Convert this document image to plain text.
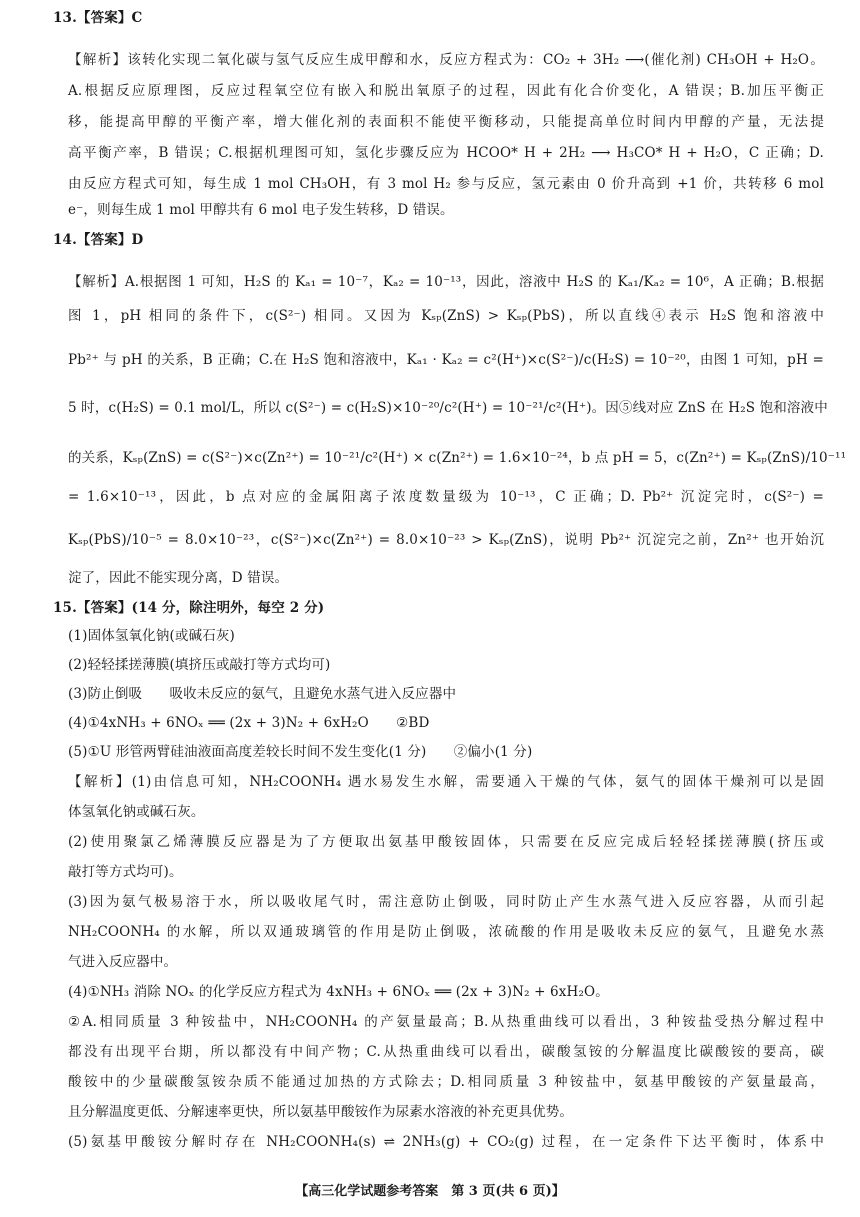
13.【答案】C
【解析】该转化实现二氧化碳与氢气反应生成甲醇和水，反应方程式为：CO₂ + 3H₂ ⟶(催化剂) CH₃OH + H₂O。
A.根据反应原理图，反应过程氧空位有嵌入和脱出氧原子的过程，因此有化合价变化，A 错误；B.加压平衡正
移，能提高甲醇的平衡产率，增大催化剂的表面积不能使平衡移动，只能提高单位时间内甲醇的产量，无法提
高平衡产率，B 错误；C.根据机理图可知，氢化步骤反应为 HCOO* H + 2H₂ ⟶ H₃CO* H + H₂O，C 正确；D.
由反应方程式可知，每生成 1 mol CH₃OH，有 3 mol H₂ 参与反应，氢元素由 0 价升高到 +1 价，共转移 6 mol
e⁻，则每生成 1 mol 甲醇共有 6 mol 电子发生转移，D 错误。
14.【答案】D
【解析】A.根据图 1 可知，H₂S 的 Kₐ₁ = 10⁻⁷，Kₐ₂ = 10⁻¹³，因此，溶液中 H₂S 的 Kₐ₁/Kₐ₂ = 10⁶，A 正确；B.根据
图 1，pH 相同的条件下，c(S²⁻) 相同。又因为 Kₛₚ(ZnS) > Kₛₚ(PbS)，所以直线④表示 H₂S 饱和溶液中
Pb²⁺ 与 pH 的关系，B 正确；C.在 H₂S 饱和溶液中，Kₐ₁ · Kₐ₂ = c²(H⁺)×c(S²⁻)/c(H₂S) = 10⁻²⁰，由图 1 可知，pH =
5 时，c(H₂S) = 0.1 mol/L，所以 c(S²⁻) = c(H₂S)×10⁻²⁰/c²(H⁺) = 10⁻²¹/c²(H⁺)。因⑤线对应 ZnS 在 H₂S 饱和溶液中
的关系，Kₛₚ(ZnS) = c(S²⁻)×c(Zn²⁺) = 10⁻²¹/c²(H⁺) × c(Zn²⁺) = 1.6×10⁻²⁴，b 点 pH = 5，c(Zn²⁺) = Kₛₚ(ZnS)/10⁻¹¹
= 1.6×10⁻¹³，因此，b 点对应的金属阳离子浓度数量级为 10⁻¹³，C 正确；D. Pb²⁺ 沉淀完时，c(S²⁻) =
Kₛₚ(PbS)/10⁻⁵ = 8.0×10⁻²³，c(S²⁻)×c(Zn²⁺) = 8.0×10⁻²³ > Kₛₚ(ZnS)，说明 Pb²⁺ 沉淀完之前，Zn²⁺ 也开始沉
淀了，因此不能实现分离，D 错误。
15.【答案】(14 分，除注明外，每空 2 分)
(1)固体氢氧化钠(或碱石灰)
(2)轻轻揉搓薄膜(填挤压或敲打等方式均可)
(3)防止倒吸　　吸收未反应的氨气，且避免水蒸气进入反应器中
(4)①4xNH₃ + 6NOₓ ══ (2x + 3)N₂ + 6xH₂O　　②BD
(5)①U 形管两臂硅油液面高度差较长时间不发生变化(1 分)　　②偏小(1 分)
【解析】(1)由信息可知，NH₂COONH₄ 遇水易发生水解，需要通入干燥的气体，氨气的固体干燥剂可以是固
体氢氧化钠或碱石灰。
(2)使用聚氯乙烯薄膜反应器是为了方便取出氨基甲酸铵固体，只需要在反应完成后轻轻揉搓薄膜(挤压或
敲打等方式均可)。
(3)因为氨气极易溶于水，所以吸收尾气时，需注意防止倒吸，同时防止产生水蒸气进入反应容器，从而引起
NH₂COONH₄ 的水解，所以双通玻璃管的作用是防止倒吸，浓硫酸的作用是吸收未反应的氨气，且避免水蒸
气进入反应器中。
(4)①NH₃ 消除 NOₓ 的化学反应方程式为 4xNH₃ + 6NOₓ ══ (2x + 3)N₂ + 6xH₂O。
②A.相同质量 3 种铵盐中，NH₂COONH₄ 的产氨量最高；B.从热重曲线可以看出，3 种铵盐受热分解过程中
都没有出现平台期，所以都没有中间产物；C.从热重曲线可以看出，碳酸氢铵的分解温度比碳酸铵的要高，碳
酸铵中的少量碳酸氢铵杂质不能通过加热的方式除去；D.相同质量 3 种铵盐中，氨基甲酸铵的产氨量最高，
且分解温度更低、分解速率更快，所以氨基甲酸铵作为尿素水溶液的补充更具优势。
(5)氨基甲酸铵分解时存在 NH₂COONH₄(s) ⇌ 2NH₃(g) + CO₂(g) 过程，在一定条件下达平衡时，体系中
【高三化学试题参考答案　第 3 页(共 6 页)】
